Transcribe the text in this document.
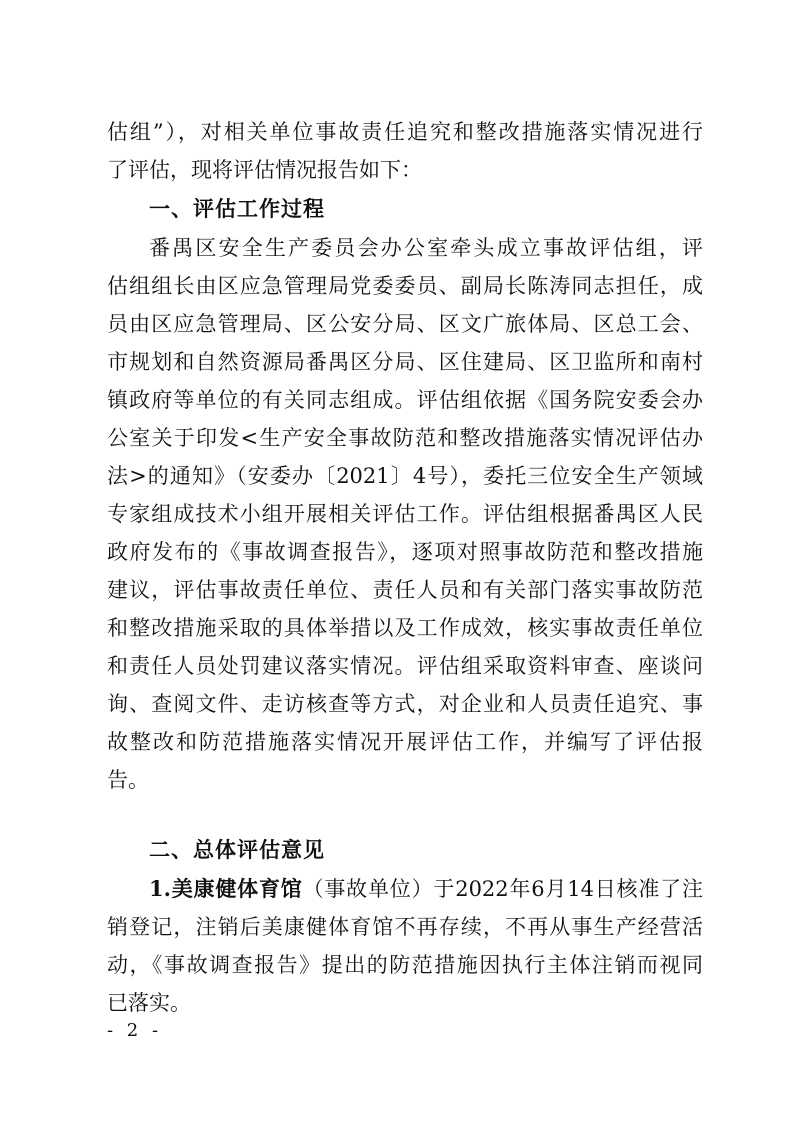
估组”），对相关单位事故责任追究和整改措施落实情况进行
了评估，现将评估情况报告如下：
一、评估工作过程
番禺区安全生产委员会办公室牵头成立事故评估组，评
估组组长由区应急管理局党委委员、副局长陈涛同志担任，成
员由区应急管理局、区公安分局、区文广旅体局、区总工会、
市规划和自然资源局番禺区分局、区住建局、区卫监所和南村
镇政府等单位的有关同志组成。评估组依据《国务院安委会办
公室关于印发<生产安全事故防范和整改措施落实情况评估办
法>的通知》（安委办〔2021〕4号），委托三位安全生产领域
专家组成技术小组开展相关评估工作。评估组根据番禺区人民
政府发布的《事故调查报告》，逐项对照事故防范和整改措施
建议，评估事故责任单位、责任人员和有关部门落实事故防范
和整改措施采取的具体举措以及工作成效，核实事故责任单位
和责任人员处罚建议落实情况。评估组采取资料审查、座谈问
询、查阅文件、走访核查等方式，对企业和人员责任追究、事
故整改和防范措施落实情况开展评估工作，并编写了评估报
告。
二、总体评估意见
1.美康健体育馆（事故单位）于2022年6月14日核准了注
销登记，注销后美康健体育馆不再存续，不再从事生产经营活
动，《事故调查报告》提出的防范措施因执行主体注销而视同
已落实。
- 2 -
